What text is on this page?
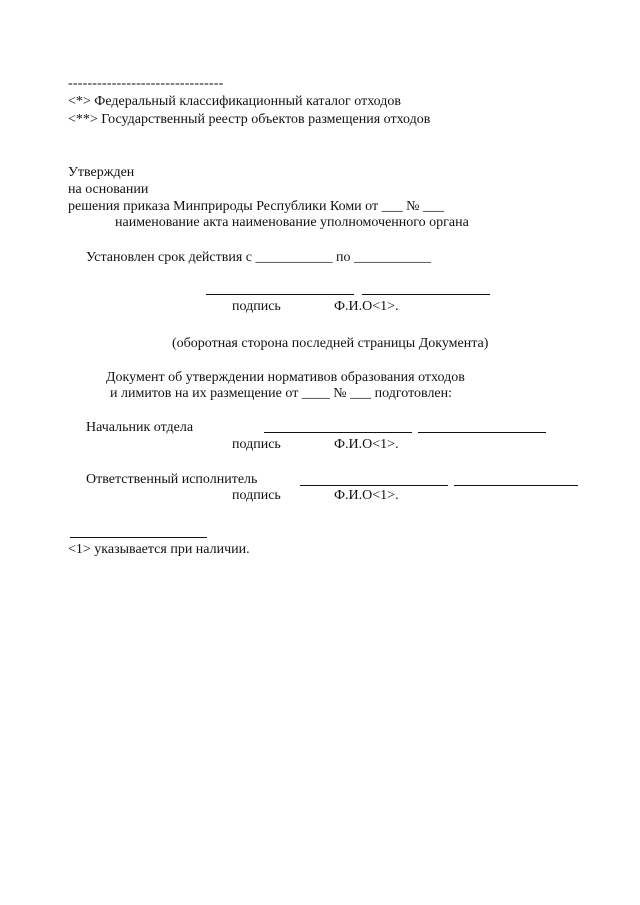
--------------------------------
<*> Федеральный классификационный каталог отходов
<**> Государственный реестр объектов размещения отходов
Утвержден
на основании
решения приказа Минприроды Республики Коми от ___ № ___
наименование акта наименование уполномоченного органа
Установлен срок действия с ___________ по ___________
подпись	Ф.И.О<1>.
(оборотная сторона последней страницы Документа)
Документ об утверждении нормативов образования отходов
и лимитов на их размещение от ____ № ___ подготовлен:
Начальник отдела
подпись	Ф.И.О<1>.
Ответственный исполнитель
подпись	Ф.И.О<1>.
<1> указывается при наличии.
